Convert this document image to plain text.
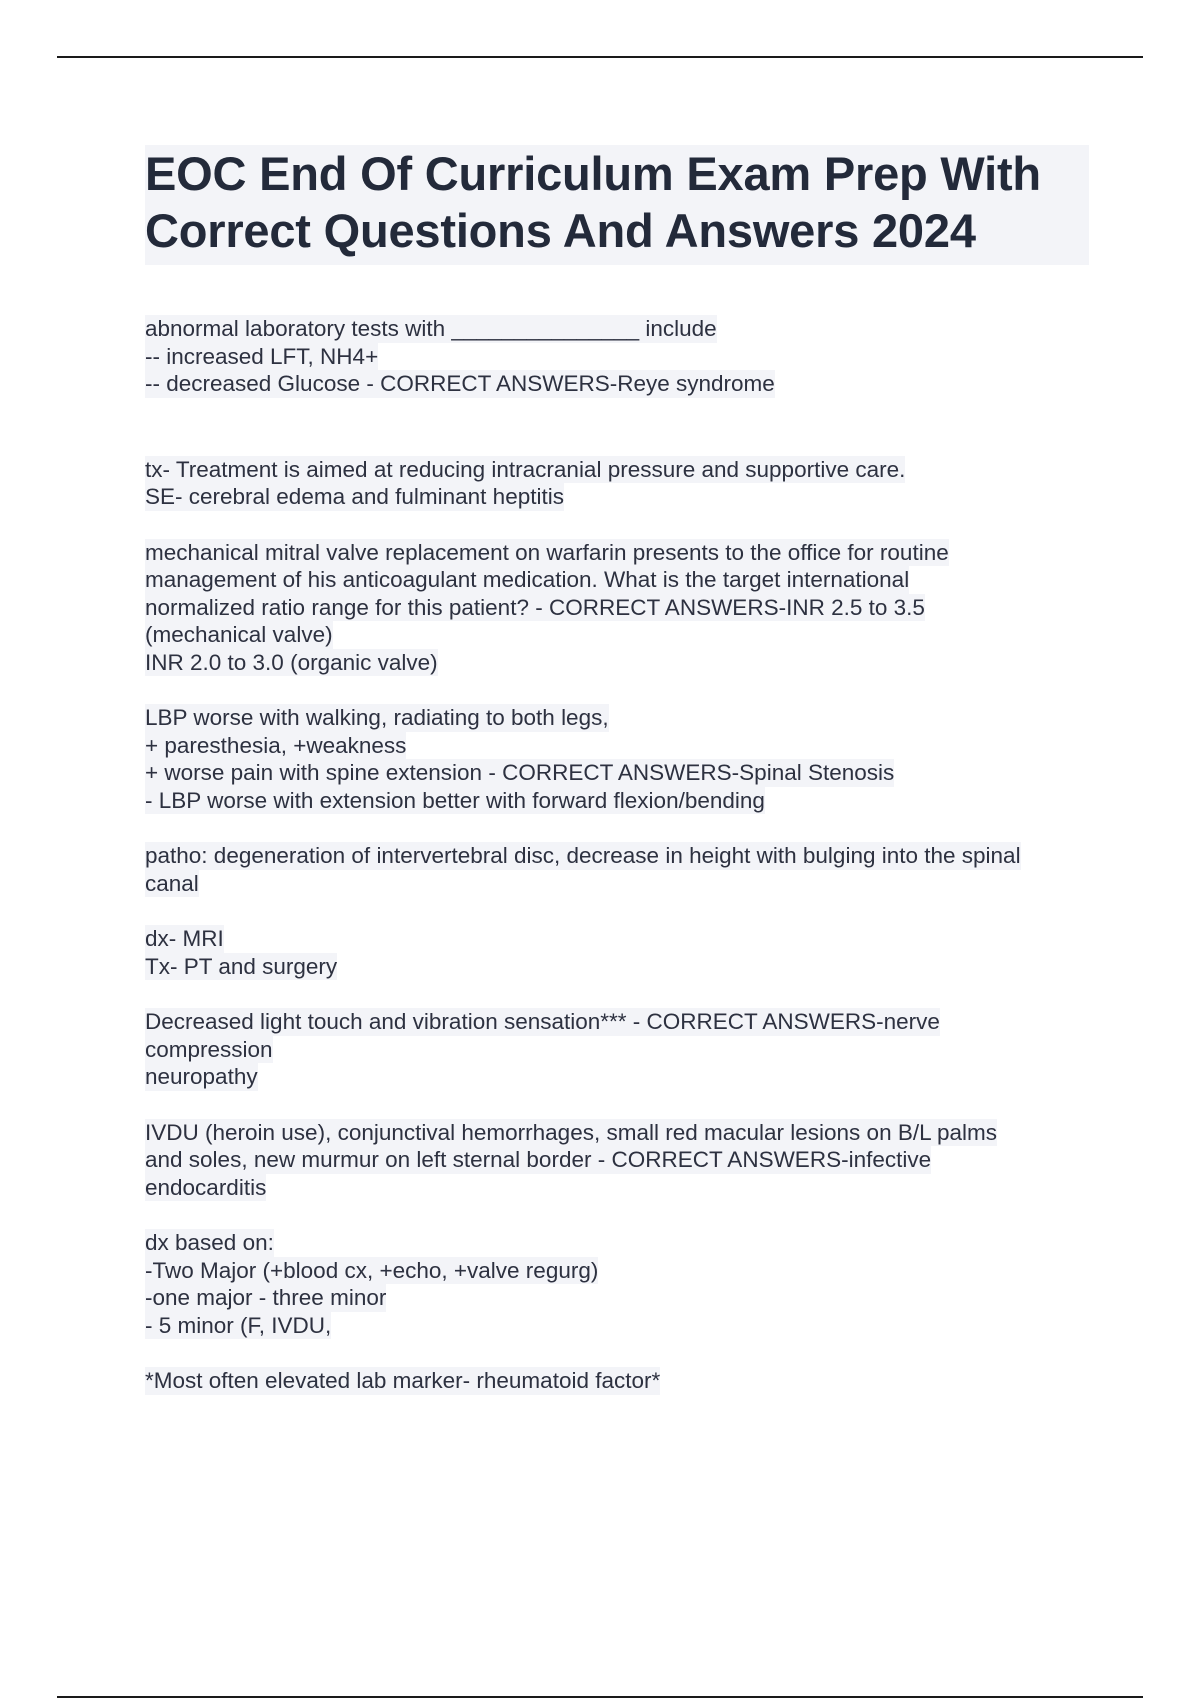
EOC End Of Curriculum Exam Prep With
Correct Questions And Answers 2024
abnormal laboratory tests with _______________ include
-- increased LFT, NH4+
-- decreased Glucose - CORRECT ANSWERS-Reye syndrome
tx- Treatment is aimed at reducing intracranial pressure and supportive care.
SE- cerebral edema and fulminant heptitis
mechanical mitral valve replacement on warfarin presents to the office for routine
management of his anticoagulant medication. What is the target international
normalized ratio range for this patient? - CORRECT ANSWERS-INR 2.5 to 3.5
(mechanical valve)
INR 2.0 to 3.0 (organic valve)
LBP worse with walking, radiating to both legs,
+ paresthesia, +weakness
+ worse pain with spine extension - CORRECT ANSWERS-Spinal Stenosis
- LBP worse with extension better with forward flexion/bending
patho: degeneration of intervertebral disc, decrease in height with bulging into the spinal
canal
dx- MRI
Tx- PT and surgery
Decreased light touch and vibration sensation*** - CORRECT ANSWERS-nerve
compression
neuropathy
IVDU (heroin use), conjunctival hemorrhages, small red macular lesions on B/L palms
and soles, new murmur on left sternal border - CORRECT ANSWERS-infective
endocarditis
dx based on:
-Two Major (+blood cx, +echo, +valve regurg)
-one major - three minor
- 5 minor (F, IVDU,
*Most often elevated lab marker- rheumatoid factor*
